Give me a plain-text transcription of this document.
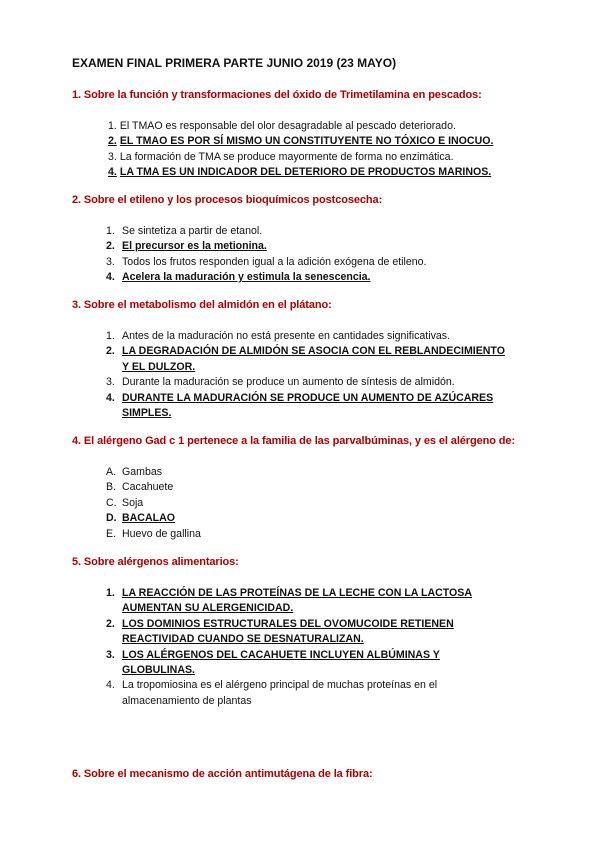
EXAMEN FINAL PRIMERA PARTE JUNIO 2019 (23 MAYO)
1. Sobre la función y transformaciones del óxido de Trimetilamina en pescados:
1. El TMAO es responsable del olor desagradable al pescado deteriorado.
2. EL TMAO ES POR SÍ MISMO UN CONSTITUYENTE NO TÓXICO E INOCUO.
3. La formación de TMA se produce mayormente de forma no enzimática.
4. LA TMA ES UN INDICADOR DEL DETERIORO DE PRODUCTOS MARINOS.
2. Sobre el etileno y los procesos bioquímicos postcosecha:
1. Se sintetiza a partir de etanol.
2. El precursor es la metionina.
3. Todos los frutos responden igual a la adición exógena de etileno.
4. Acelera la maduración y estimula la senescencia.
3. Sobre el metabolismo del almidón en el plátano:
1. Antes de la maduración no está presente en cantidades significativas.
2. LA DEGRADACIÓN DE ALMIDÓN SE ASOCIA CON EL REBLANDECIMIENTO Y EL DULZOR.
3. Durante la maduración se produce un aumento de síntesis de almidón.
4. DURANTE LA MADURACIÓN SE PRODUCE UN AUMENTO DE AZÚCARES SIMPLES.
4. El alérgeno Gad c 1 pertenece a la familia de las parvalbúminas, y es el alérgeno de:
A. Gambas
B. Cacahuete
C. Soja
D. BACALAO
E. Huevo de gallina
5. Sobre alérgenos alimentarios:
1. LA REACCIÓN DE LAS PROTEÍNAS DE LA LECHE CON LA LACTOSA AUMENTAN SU ALERGENICIDAD.
2. LOS DOMINIOS ESTRUCTURALES DEL OVOMUCOIDE RETIENEN REACTIVIDAD CUANDO SE DESNATURALIZAN.
3. LOS ALÉRGENOS DEL CACAHUETE INCLUYEN ALBÚMINAS Y GLOBULINAS.
4. La tropomiosina es el alérgeno principal de muchas proteínas en el almacenamiento de plantas
6. Sobre el mecanismo de acción antimutágena de la fibra:
